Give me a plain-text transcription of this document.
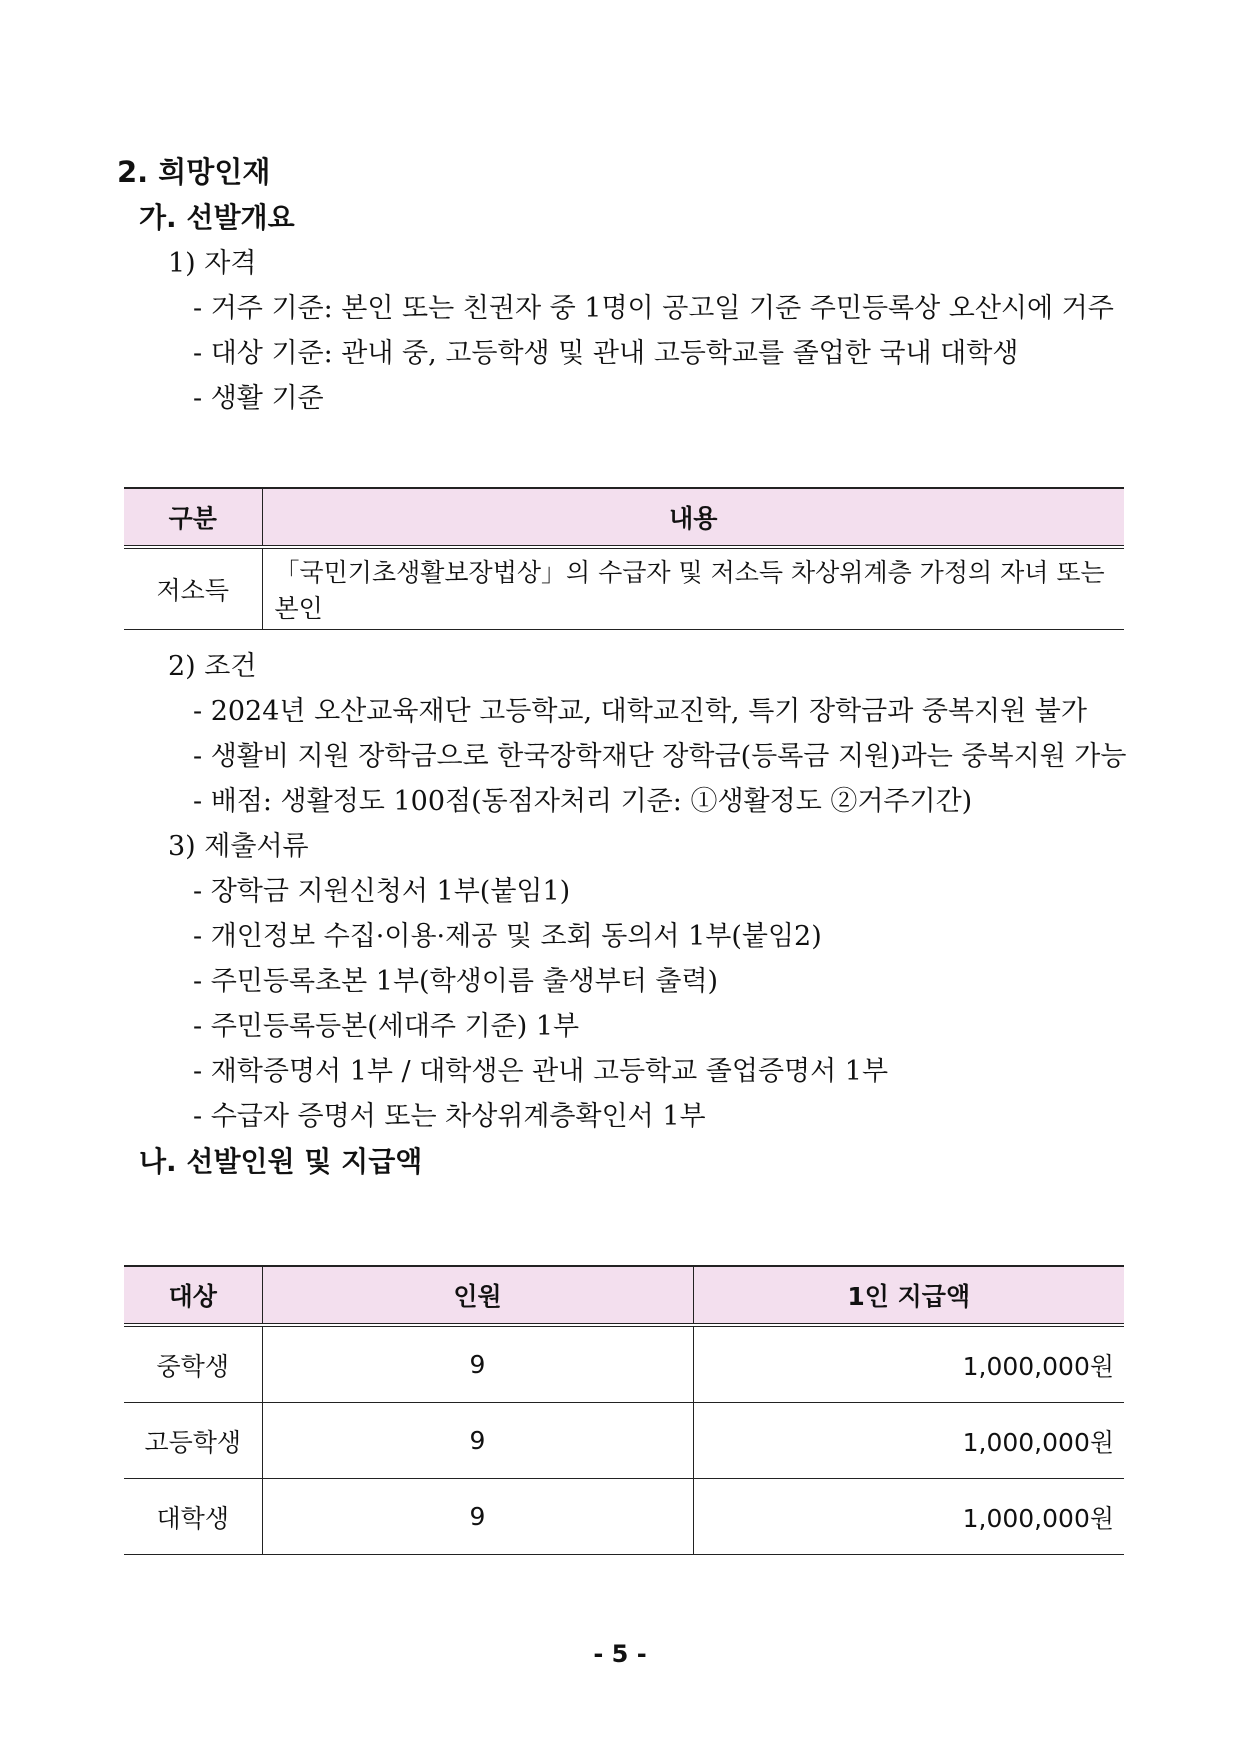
2. 희망인재
가. 선발개요
1) 자격
- 거주 기준: 본인 또는 친권자 중 1명이 공고일 기준 주민등록상 오산시에 거주
- 대상 기준: 관내 중, 고등학생 및 관내 고등학교를 졸업한 국내 대학생
- 생활 기준
구분	내용
저소득	「국민기초생활보장법상」의 수급자 및 저소득 차상위계층 가정의 자녀 또는 본인
2) 조건
- 2024년 오산교육재단 고등학교, 대학교진학, 특기 장학금과 중복지원 불가
- 생활비 지원 장학금으로 한국장학재단 장학금(등록금 지원)과는 중복지원 가능
- 배점: 생활정도 100점(동점자처리 기준: ①생활정도 ②거주기간)
3) 제출서류
- 장학금 지원신청서 1부(붙임1)
- 개인정보 수집·이용·제공 및 조회 동의서 1부(붙임2)
- 주민등록초본 1부(학생이름 출생부터 출력)
- 주민등록등본(세대주 기준) 1부
- 재학증명서 1부 / 대학생은 관내 고등학교 졸업증명서 1부
- 수급자 증명서 또는 차상위계층확인서 1부
나. 선발인원 및 지급액
대상	인원	1인 지급액
중학생	9	1,000,000원
고등학생	9	1,000,000원
대학생	9	1,000,000원
- 5 -
